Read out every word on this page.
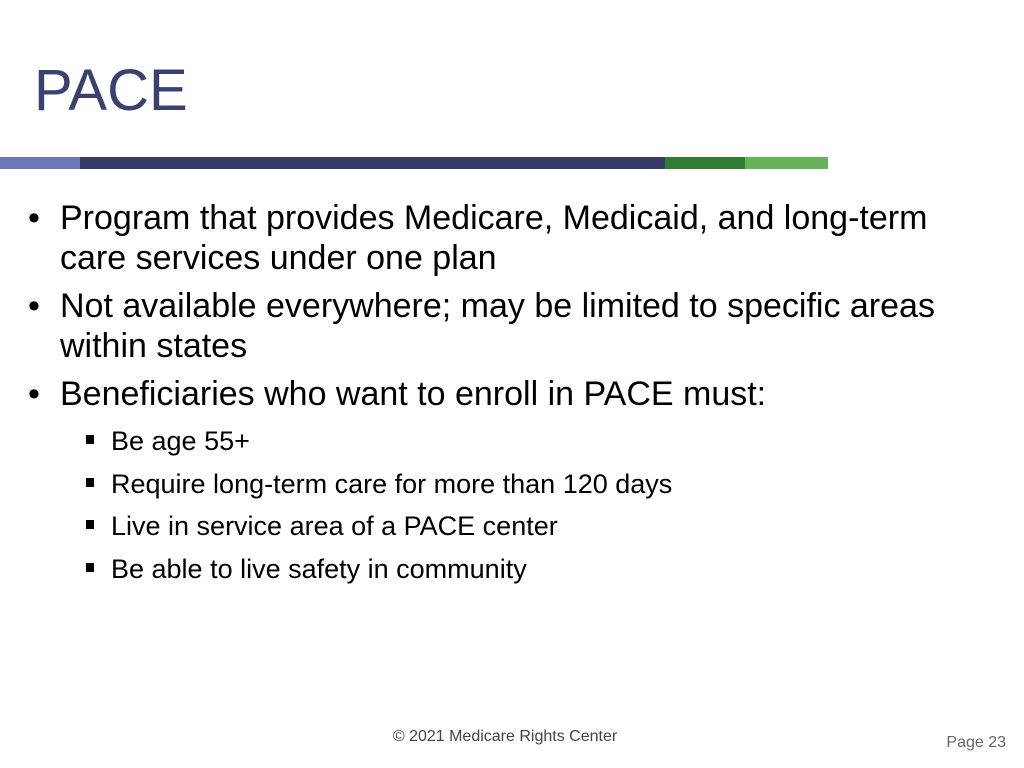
PACE
• Program that provides Medicare, Medicaid, and long-term care services under one plan
• Not available everywhere; may be limited to specific areas within states
• Beneficiaries who want to enroll in PACE must:
Be age 55+
Require long-term care for more than 120 days
Live in service area of a PACE center
Be able to live safety in community
© 2021 Medicare Rights Center	Page 23
